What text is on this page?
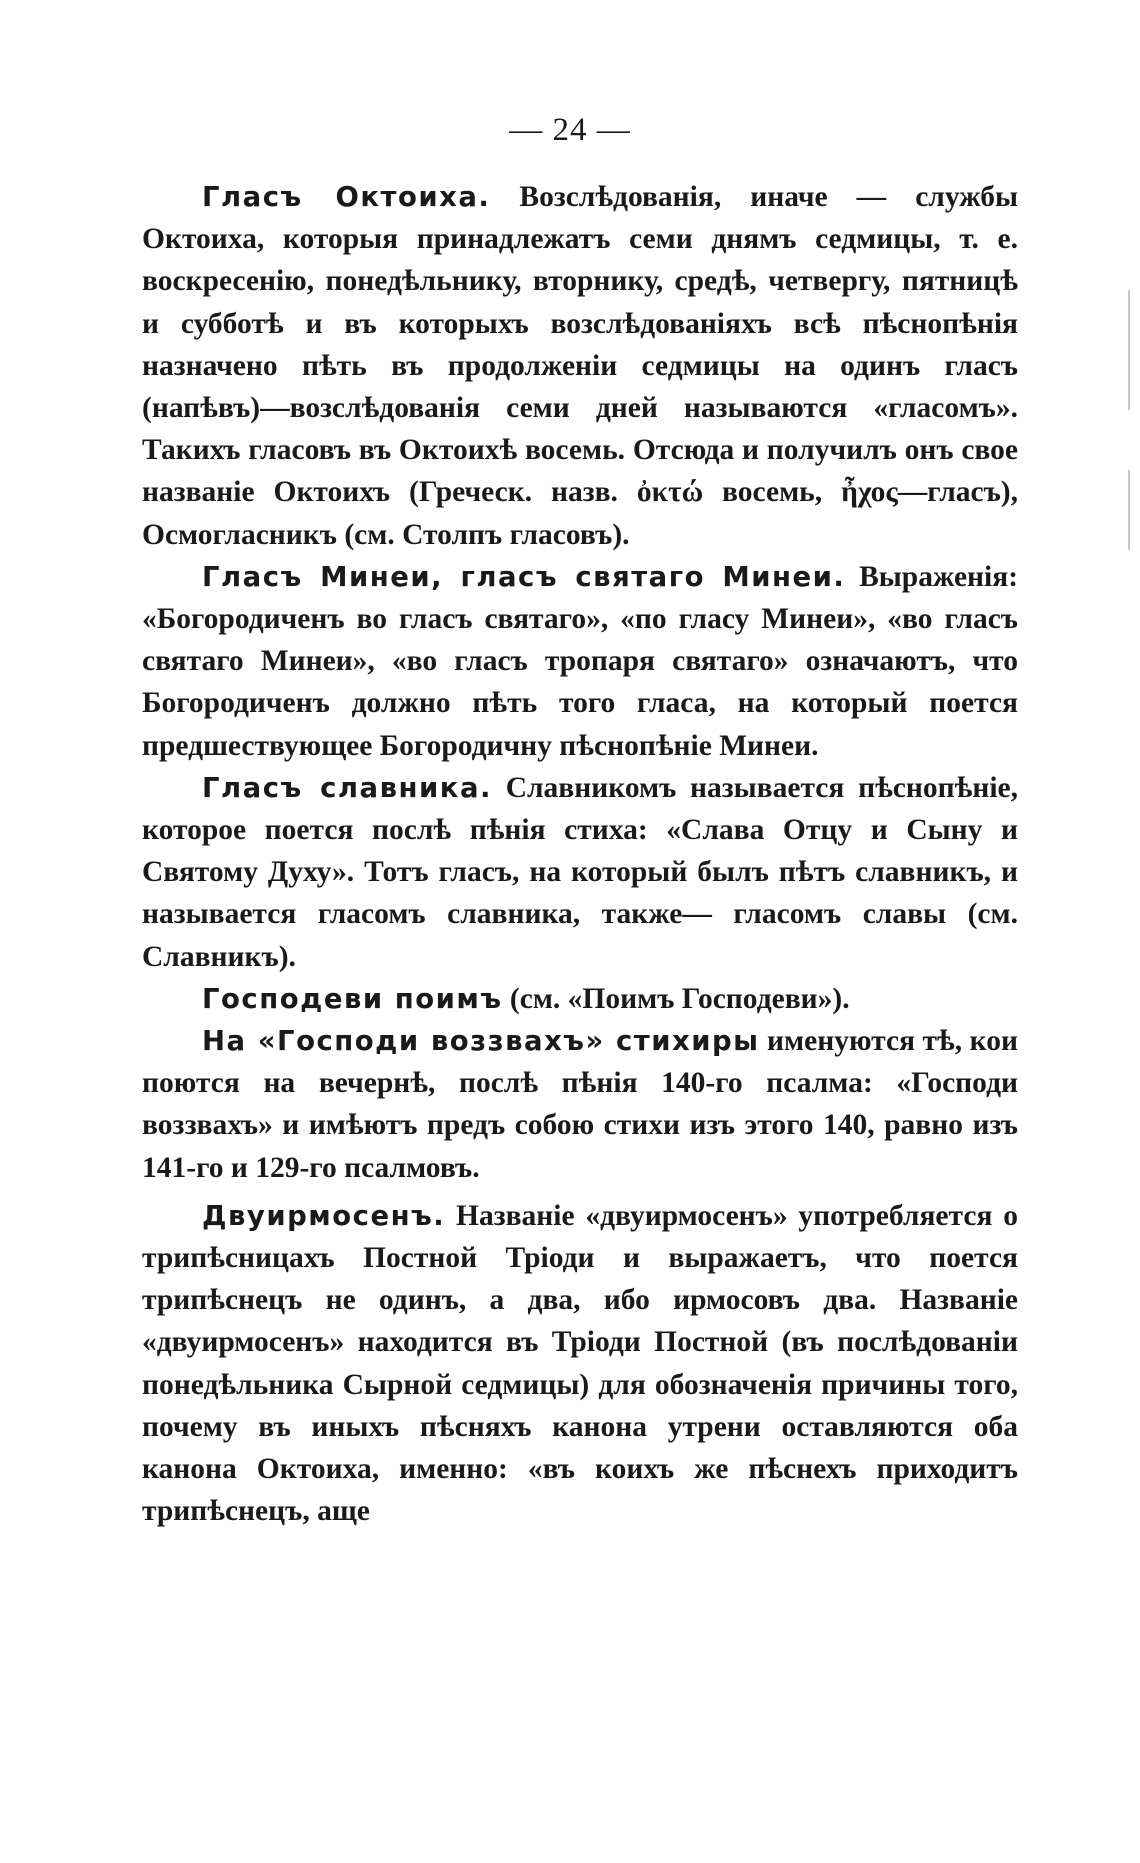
— 24 —

Гласъ Октоиха. Возслѣдованія, иначе — службы Октоиха, которыя принадлежатъ семи днямъ седмицы, т. е. воскресенію, понедѣльнику, вторнику, средѣ, четвергу, пятницѣ и субботѣ и въ которыхъ возслѣдованіяхъ всѣ пѣснопѣнія назначено пѣть въ продолженіи седмицы на одинъ гласъ (напѣвъ)—возслѣдованія семи дней называются «гласомъ». Такихъ гласовъ въ Октоихѣ восемь. Отсюда и получилъ онъ свое названіе Октоихъ (Греческ. назв. ὀκτώ восемь, ἦχος—гласъ), Осмогласникъ (см. Столпъ гласовъ).

Гласъ Минеи, гласъ святаго Минеи. Выраженія: «Богородиченъ во гласъ святаго», «по гласу Минеи», «во гласъ святаго Минеи», «во гласъ тропаря святаго» означаютъ, что Богородиченъ должно пѣть того гласа, на который поется предшествующее Богородичну пѣснопѣніе Минеи.

Гласъ славника. Славникомъ называется пѣснопѣніе, которое поется послѣ пѣнія стиха: «Слава Отцу и Сыну и Святому Духу». Тотъ гласъ, на который былъ пѣтъ славникъ, и называется гласомъ славника, также— гласомъ славы (см. Славникъ).

Господеви поимъ (см. «Поимъ Господеви»).

На «Господи воззвахъ» стихиры именуются тѣ, кои поются на вечернѣ, послѣ пѣнія 140-го псалма: «Господи воззвахъ» и имѣютъ предъ собою стихи изъ этого 140, равно изъ 141-го и 129-го псалмовъ.

Двуирмосенъ. Названіе «двуирмосенъ» употребляется о трипѣсницахъ Постной Тріоди и выражаетъ, что поется трипѣснецъ не одинъ, а два, ибо ирмосовъ два. Названіе «двуирмосенъ» находится въ Тріоди Постной (въ послѣдованіи понедѣльника Сырной седмицы) для обозначенія причины того, почему въ иныхъ пѣсняхъ канона утрени оставляются оба канона Октоиха, именно: «въ коихъ же пѣснехъ приходитъ трипѣснецъ, аще
